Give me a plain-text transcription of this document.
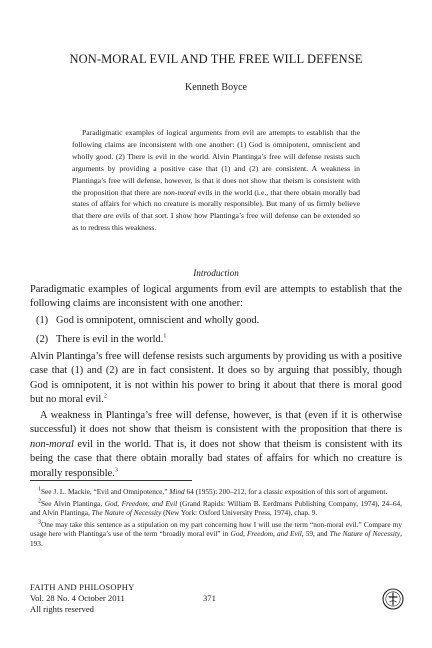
NON-MORAL EVIL AND THE FREE WILL DEFENSE
Kenneth Boyce
Paradigmatic examples of logical arguments from evil are attempts to establish that the following claims are inconsistent with one another: (1) God is omnipotent, omniscient and wholly good. (2) There is evil in the world. Alvin Plantinga’s free will defense resists such arguments by providing a positive case that (1) and (2) are consistent. A weakness in Plantinga’s free will defense, however, is that it does not show that theism is consistent with the proposition that there are non-moral evils in the world (i.e., that there obtain morally bad states of affairs for which no creature is morally responsible). But many of us firmly believe that there are evils of that sort. I show how Plantinga’s free will defense can be extended so as to redress this weakness.
Introduction
Paradigmatic examples of logical arguments from evil are attempts to establish that the following claims are inconsistent with one another:
(1) God is omnipotent, omniscient and wholly good.
(2) There is evil in the world.$^1$
Alvin Plantinga’s free will defense resists such arguments by providing us with a positive case that (1) and (2) are in fact consistent. It does so by arguing that possibly, though God is omnipotent, it is not within his power to bring it about that there is moral good but no moral evil.$^2$
A weakness in Plantinga’s free will defense, however, is that (even if it is otherwise successful) it does not show that theism is consistent with the proposition that there is non-moral evil in the world. That is, it does not show that theism is consistent with its being the case that there obtain morally bad states of affairs for which no creature is morally responsible.$^3$
$^1$See J. L. Mackie, “Evil and Omnipotence,” Mind 64 (1955): 200–212, for a classic exposition of this sort of argument.
$^2$See Alvin Plantinga, God, Freedom, and Evil (Grand Rapids: William B. Eerdmans Publishing Company, 1974), 24–64, and Alvin Plantinga, The Nature of Necessity (New York: Oxford University Press, 1974), chap. 9.
$^3$One may take this sentence as a stipulation on my part concerning how I will use the term “non-moral evil.” Compare my usage here with Plantinga’s use of the term “broadly moral evil” in God, Freedom, and Evil, 59, and The Nature of Necessity, 193.
FAITH AND PHILOSOPHY
Vol. 28 No. 4 October 2011
All rights reserved
371
